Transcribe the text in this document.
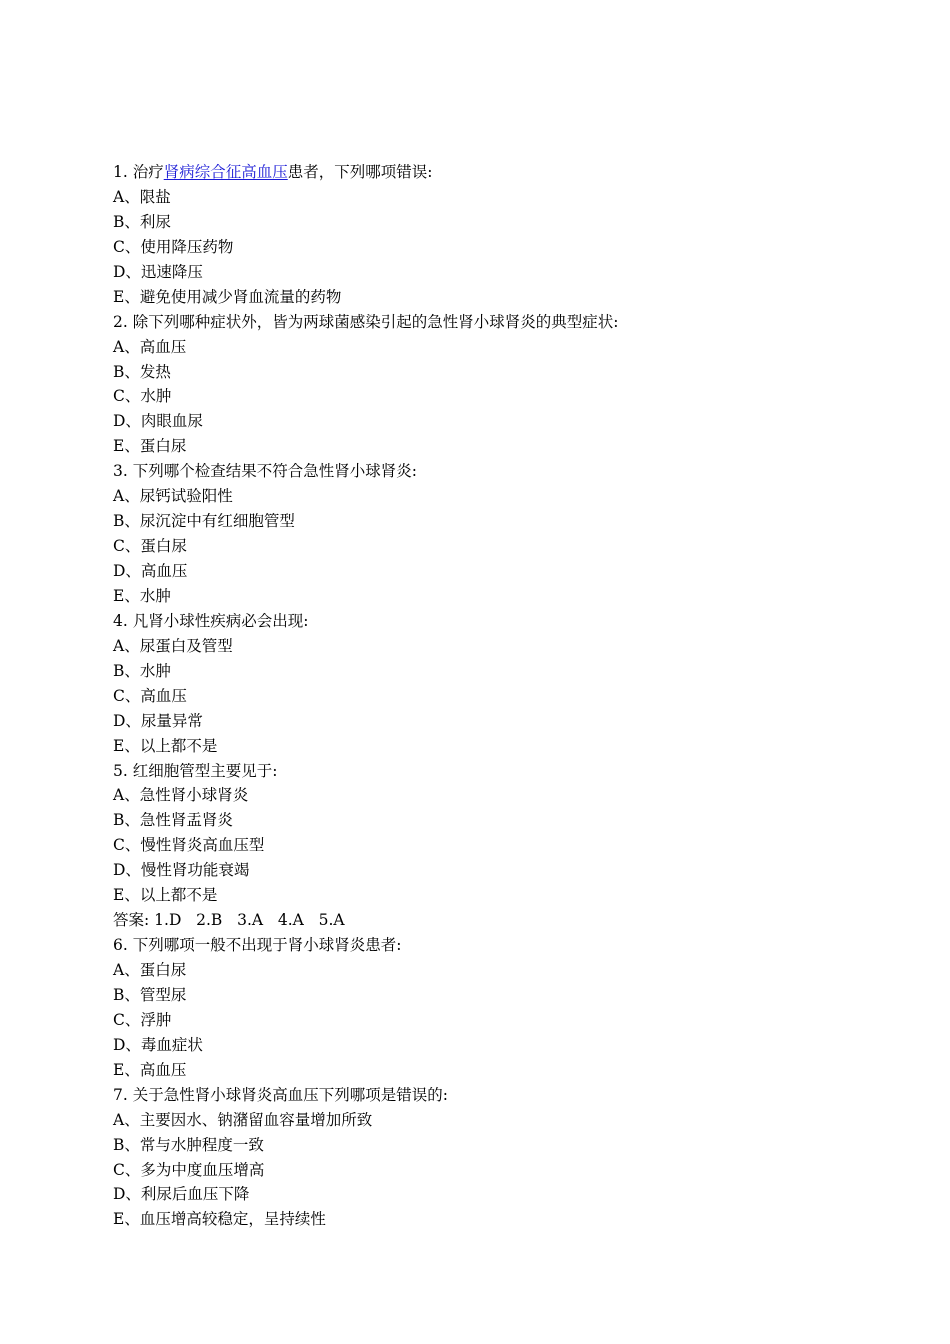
1. 治疗肾病综合征高血压患者，下列哪项错误:
A、限盐
B、利尿
C、使用降压药物
D、迅速降压
E、避免使用减少肾血流量的药物
2. 除下列哪种症状外，皆为两球菌感染引起的急性肾小球肾炎的典型症状:
A、高血压
B、发热
C、水肿
D、肉眼血尿
E、蛋白尿
3. 下列哪个检查结果不符合急性肾小球肾炎:
A、尿钙试验阳性
B、尿沉淀中有红细胞管型
C、蛋白尿
D、高血压
E、水肿
4. 凡肾小球性疾病必会出现:
A、尿蛋白及管型
B、水肿
C、高血压
D、尿量异常
E、以上都不是
5. 红细胞管型主要见于:
A、急性肾小球肾炎
B、急性肾盂肾炎
C、慢性肾炎高血压型
D、慢性肾功能衰竭
E、以上都不是
答案: 1.D   2.B   3.A   4.A   5.A
6. 下列哪项一般不出现于肾小球肾炎患者:
A、蛋白尿
B、管型尿
C、浮肿
D、毒血症状
E、高血压
7. 关于急性肾小球肾炎高血压下列哪项是错误的:
A、主要因水、钠潴留血容量增加所致
B、常与水肿程度一致
C、多为中度血压增高
D、利尿后血压下降
E、血压增高较稳定，呈持续性
